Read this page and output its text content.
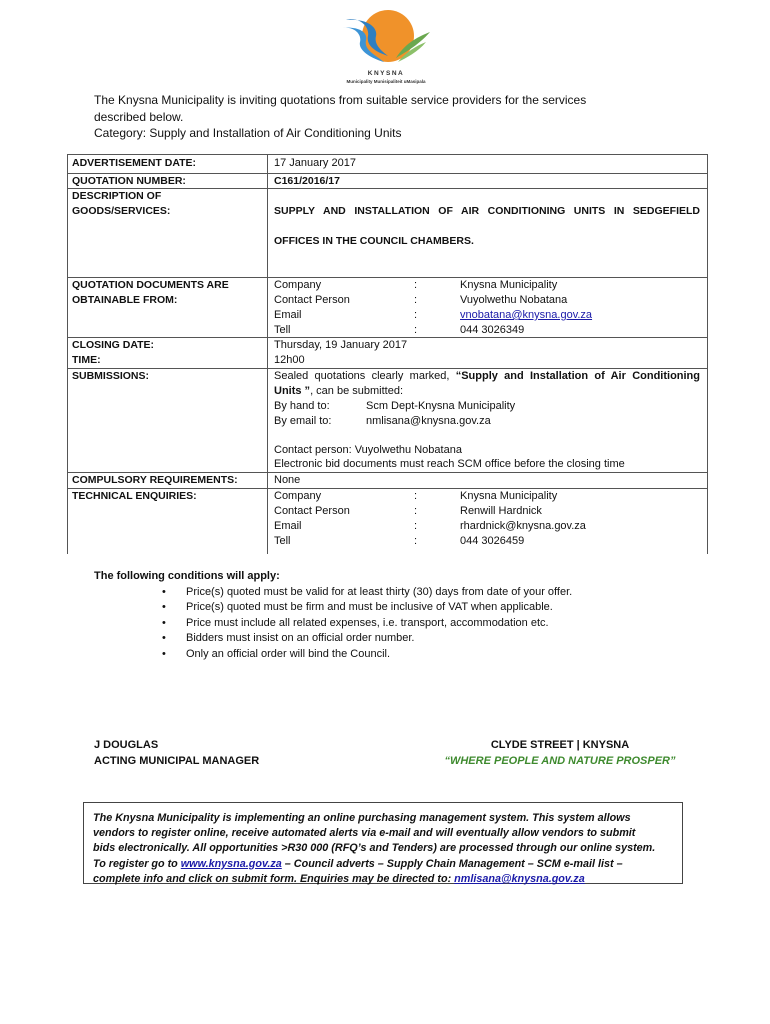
KNYSNA
Municipality Munisipaliteit uMasipala
The Knysna Municipality is inviting quotations from suitable service providers for the services
described below.
Category: Supply and Installation of Air Conditioning Units
ADVERTISEMENT DATE:	17 January 2017
QUOTATION NUMBER:	C161/2016/17
DESCRIPTION OF
GOODS/SERVICES:	SUPPLY AND INSTALLATION OF AIR CONDITIONING UNITS IN SEDGEFIELD
OFFICES IN THE COUNCIL CHAMBERS.
QUOTATION DOCUMENTS ARE
OBTAINABLE FROM:
Company	:	Knysna Municipality
Contact Person	:	Vuyolwethu Nobatana
Email	:	vnobatana@knysna.gov.za
Tell	:	044 3026349
CLOSING DATE:	Thursday, 19 January 2017
TIME:	12h00
SUBMISSIONS:	Sealed quotations clearly marked, “Supply and Installation of Air Conditioning
Units ”, can be submitted:
By hand to:	Scm Dept-Knysna Municipality
By email to:	nmlisana@knysna.gov.za
Contact person: Vuyolwethu Nobatana
Electronic bid documents must reach SCM office before the closing time
COMPULSORY REQUIREMENTS:	None
TECHNICAL ENQUIRIES:	Company	:	Knysna Municipality
Contact Person	:	Renwill Hardnick
Email	:	rhardnick@knysna.gov.za
Tell	:	044 3026459
The following conditions will apply:
• Price(s) quoted must be valid for at least thirty (30) days from date of your offer.
• Price(s) quoted must be firm and must be inclusive of VAT when applicable.
• Price must include all related expenses, i.e. transport, accommodation etc.
• Bidders must insist on an official order number.
• Only an official order will bind the Council.
J DOUGLAS
ACTING MUNICIPAL MANAGER
CLYDE STREET | KNYSNA
“WHERE PEOPLE AND NATURE PROSPER”
The Knysna Municipality is implementing an online purchasing management system. This system allows
vendors to register online, receive automated alerts via e-mail and will eventually allow vendors to submit
bids electronically. All opportunities >R30 000 (RFQ’s and Tenders) are processed through our online system.
To register go to www.knysna.gov.za – Council adverts – Supply Chain Management – SCM e-mail list –
complete info and click on submit form. Enquiries may be directed to: nmlisana@knysna.gov.za
